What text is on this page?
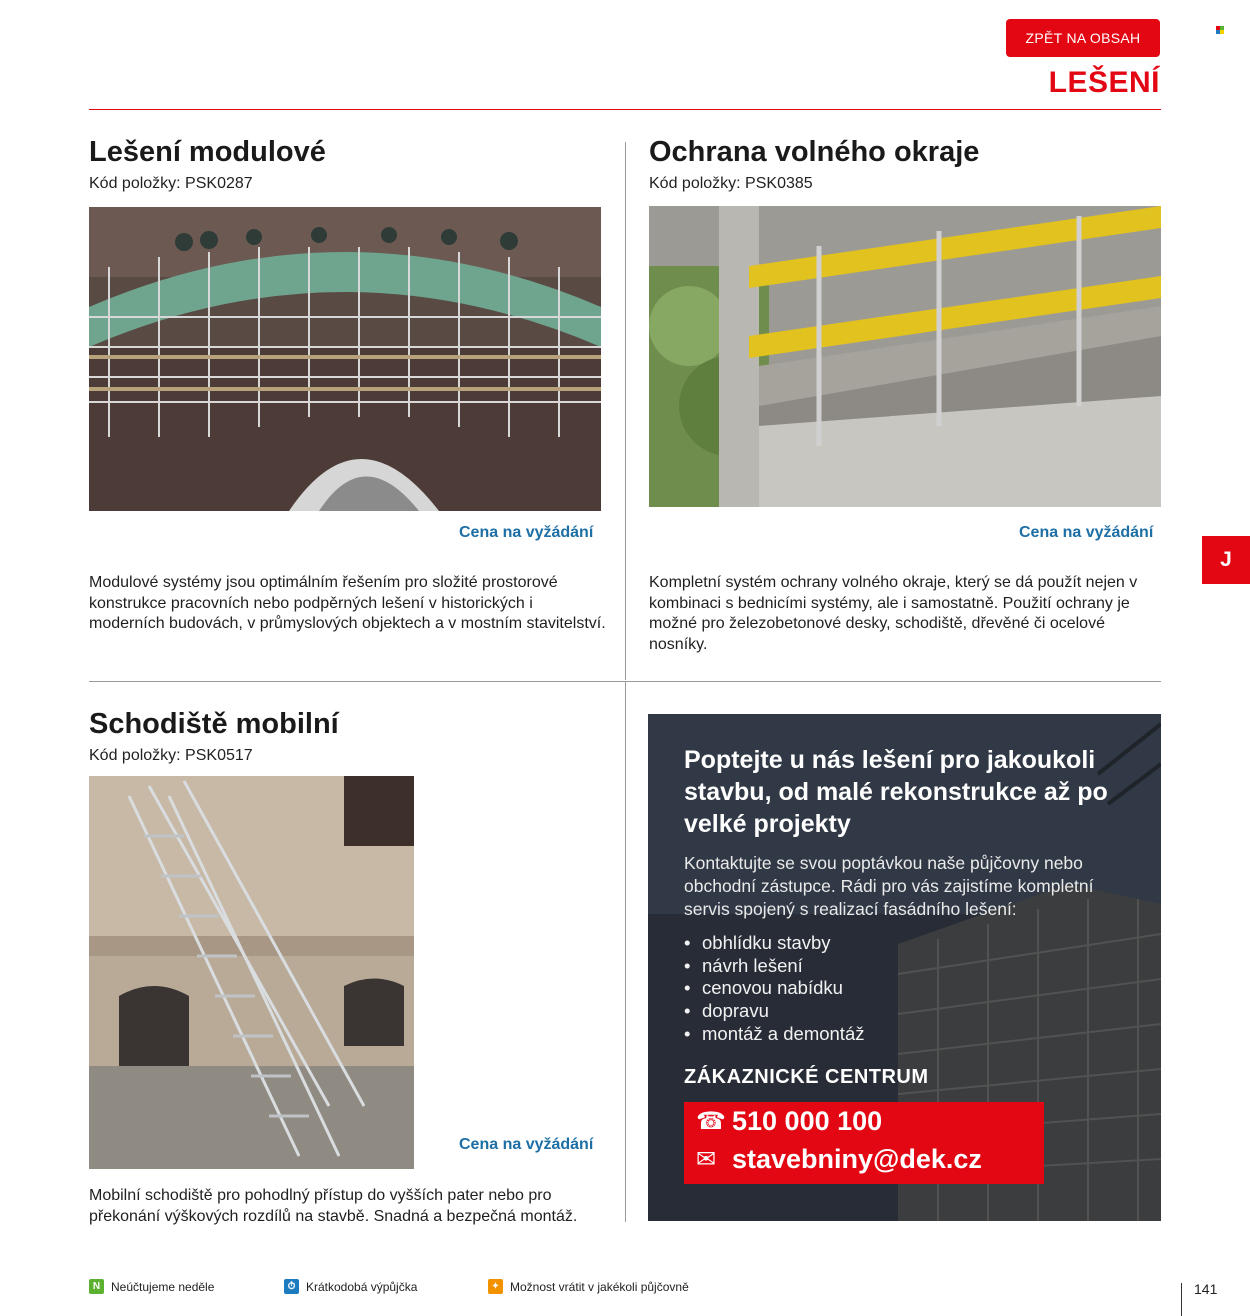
ZPĚT NA OBSAH
LEŠENÍ
Lešení modulové
Kód položky: PSK0287
Cena na vyžádání
Modulové systémy jsou optimálním řešením pro složité prostorové konstrukce pracovních nebo podpěrných lešení v historických i moderních budovách, v průmyslových objektech a v mostním stavitelství.
Ochrana volného okraje
Kód položky: PSK0385
Cena na vyžádání
Kompletní systém ochrany volného okraje, který se dá použít nejen v kombinaci s bednicími systémy, ale i samostatně. Použití ochrany je možné pro železobetonové desky, schodiště, dřevěné či ocelové nosníky.
Schodiště mobilní
Kód položky: PSK0517
Cena na vyžádání
Mobilní schodiště pro pohodlný přístup do vyšších pater nebo pro překonání výškových rozdílů na stavbě. Snadná a bezpečná montáž.
J
Poptejte u nás lešení pro jakoukoli stavbu, od malé rekonstrukce až po velké projekty
Kontaktujte se svou poptávkou naše půjčovny nebo obchodní zástupce. Rádi pro vás zajistíme kompletní servis spojený s realizací fasádního lešení:
• obhlídku stavby
• návrh lešení
• cenovou nabídku
• dopravu
• montáž a demontáž
ZÁKAZNICKÉ CENTRUM
☎ 510 000 100
✉ stavebniny@dek.cz
N Neúčtujeme neděle	⏱ Krátkodobá výpůjčka	✦ Možnost vrátit v jakékoli půjčovně	141
